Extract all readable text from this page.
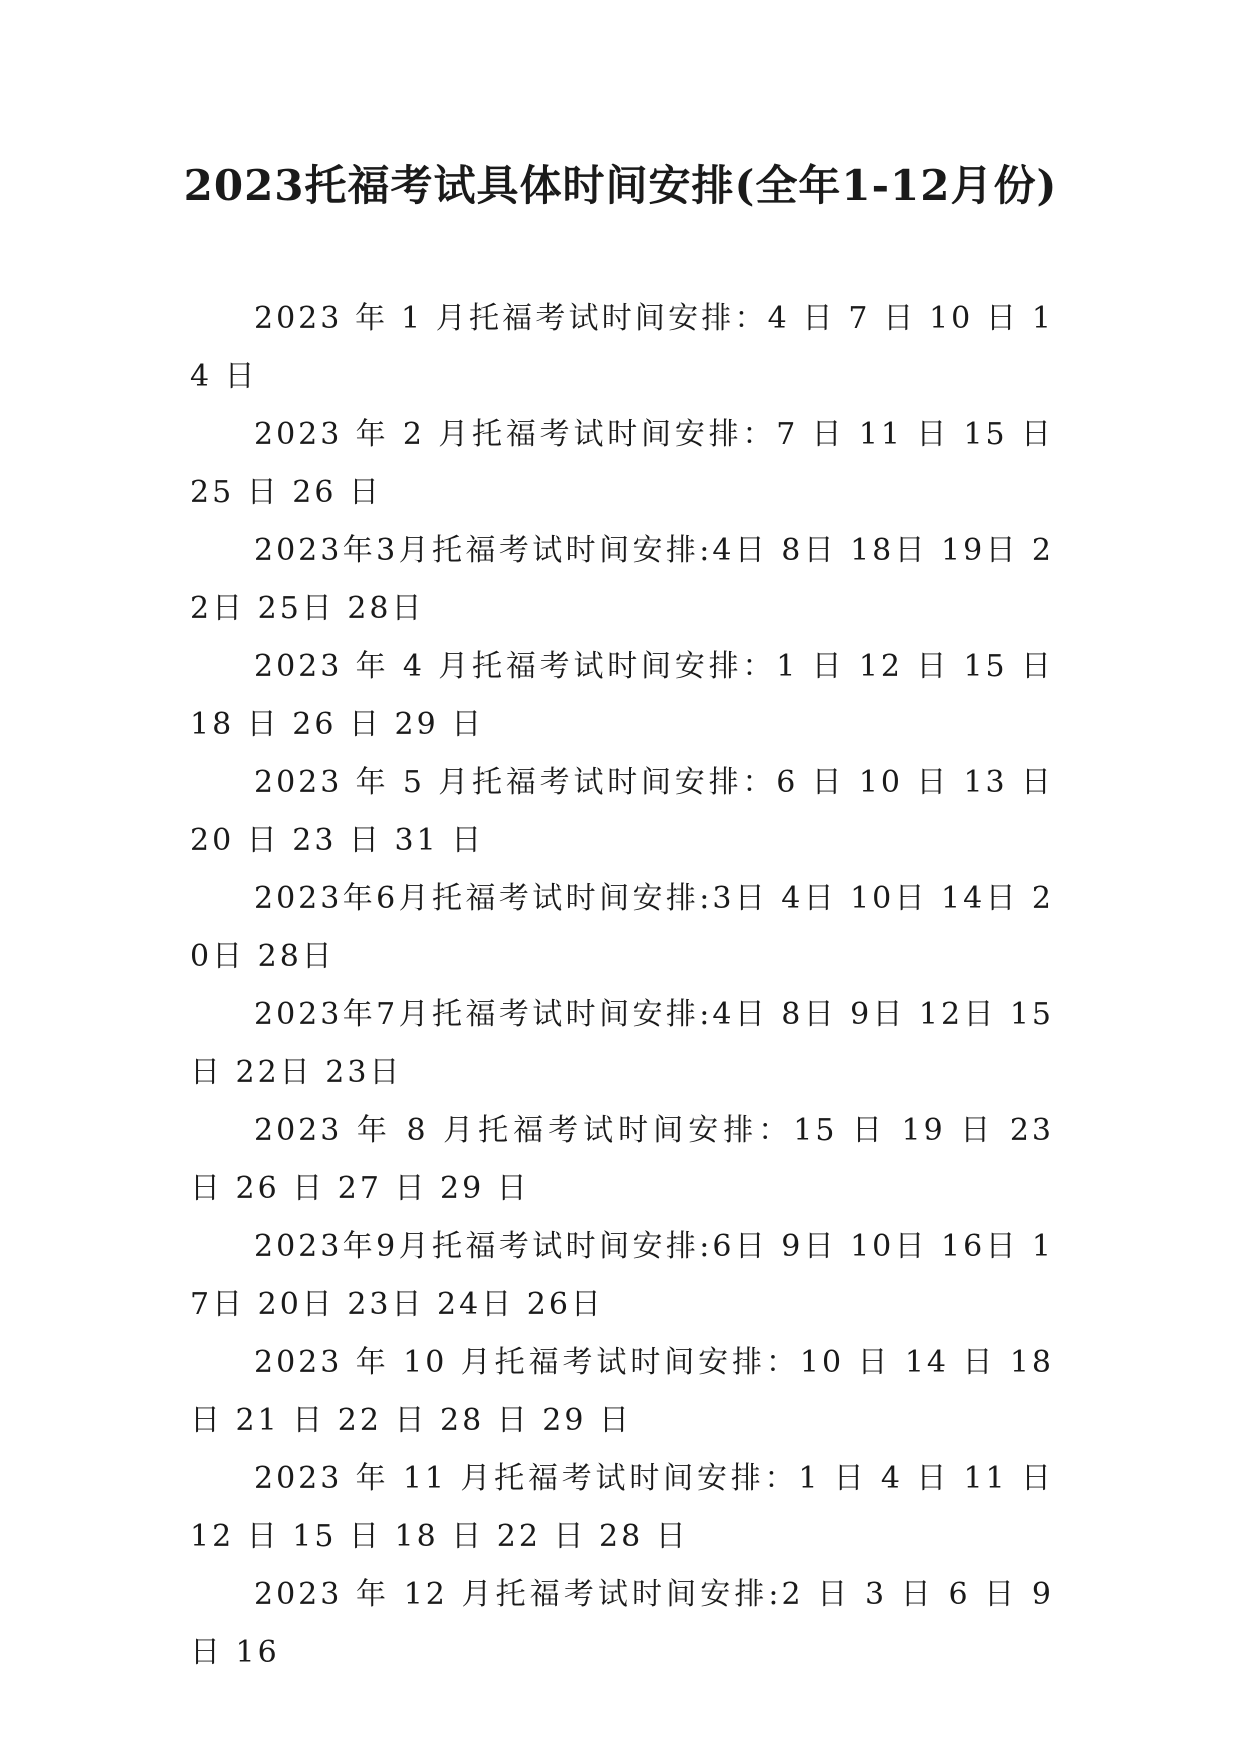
2023托福考试具体时间安排(全年1-12月份)

2023 年 1 月托福考试时间安排：4 日 7 日 10 日 14 日

2023 年 2 月托福考试时间安排：7 日 11 日 15 日 25 日 26 日

2023年3月托福考试时间安排:4日 8日 18日 19日 22日 25日 28日

2023 年 4 月托福考试时间安排：1 日 12 日 15 日 18 日 26 日 29 日

2023 年 5 月托福考试时间安排：6 日 10 日 13 日 20 日 23 日 31 日

2023年6月托福考试时间安排:3日 4日 10日 14日 20日 28日

2023年7月托福考试时间安排:4日 8日 9日 12日 15日 22日 23日

2023 年 8 月托福考试时间安排：15 日 19 日 23 日 26 日 27 日 29 日

2023年9月托福考试时间安排:6日 9日 10日 16日 17日 20日 23日 24日 26日

2023 年 10 月托福考试时间安排：10 日 14 日 18 日 21 日 22 日 28 日 29 日

2023 年 11 月托福考试时间安排：1 日 4 日 11 日 12 日 15 日 18 日 22 日 28 日

2023 年 12 月托福考试时间安排:2 日 3 日 6 日 9 日 16
